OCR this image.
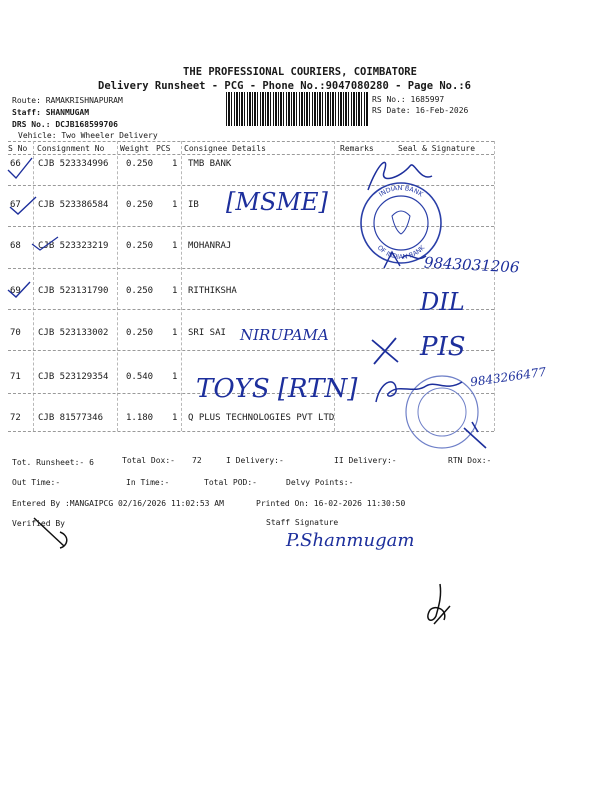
THE PROFESSIONAL COURIERS, COIMBATORE
Delivery Runsheet - PCG - Phone No.:9047080280 - Page No.:6
Route: RAMAKRISHNAPURAM
Staff: SHANMUGAM
DRS No.: DCJB168599706
Vehicle: Two Wheeler Delivery
RS No.: 1685997
RS Date: 16-Feb-2026
S No Consignment No Weight PCS Consignee Details	Remarks	Seal & Signature
66 CJB 523334996 0.250 1 TMB BANK
67 CJB 523386584 0.250 1 IB
68 CJB 523323219 0.250 1 MOHANRAJ
69 CJB 523131790 0.250 1 RITHIKSHA
70 CJB 523133002 0.250 1 SRI SAI
71 CJB 523129354 0.540 1
72 CJB 81577346	1.180 1 Q PLUS TECHNOLOGIES PVT LTD
INDIAN BANK
OF INDIAN BANK
[MSME]
9843031206
DIL
NIRUPAMA	PIS
TOYS [RTN]	9843266477
Tot. Runsheet:- 6	Total Dox:- 72	I Delivery:-	II Delivery:-	RTN Dox:-
Out Time:-	In Time:-	Total POD:-	Delvy Points:-
Entered By :MANGAIPCG 02/16/2026 11:02:53 AM	Printed On: 16-02-2026 11:30:50
Verified By	Staff Signature
P.Shanmugam
